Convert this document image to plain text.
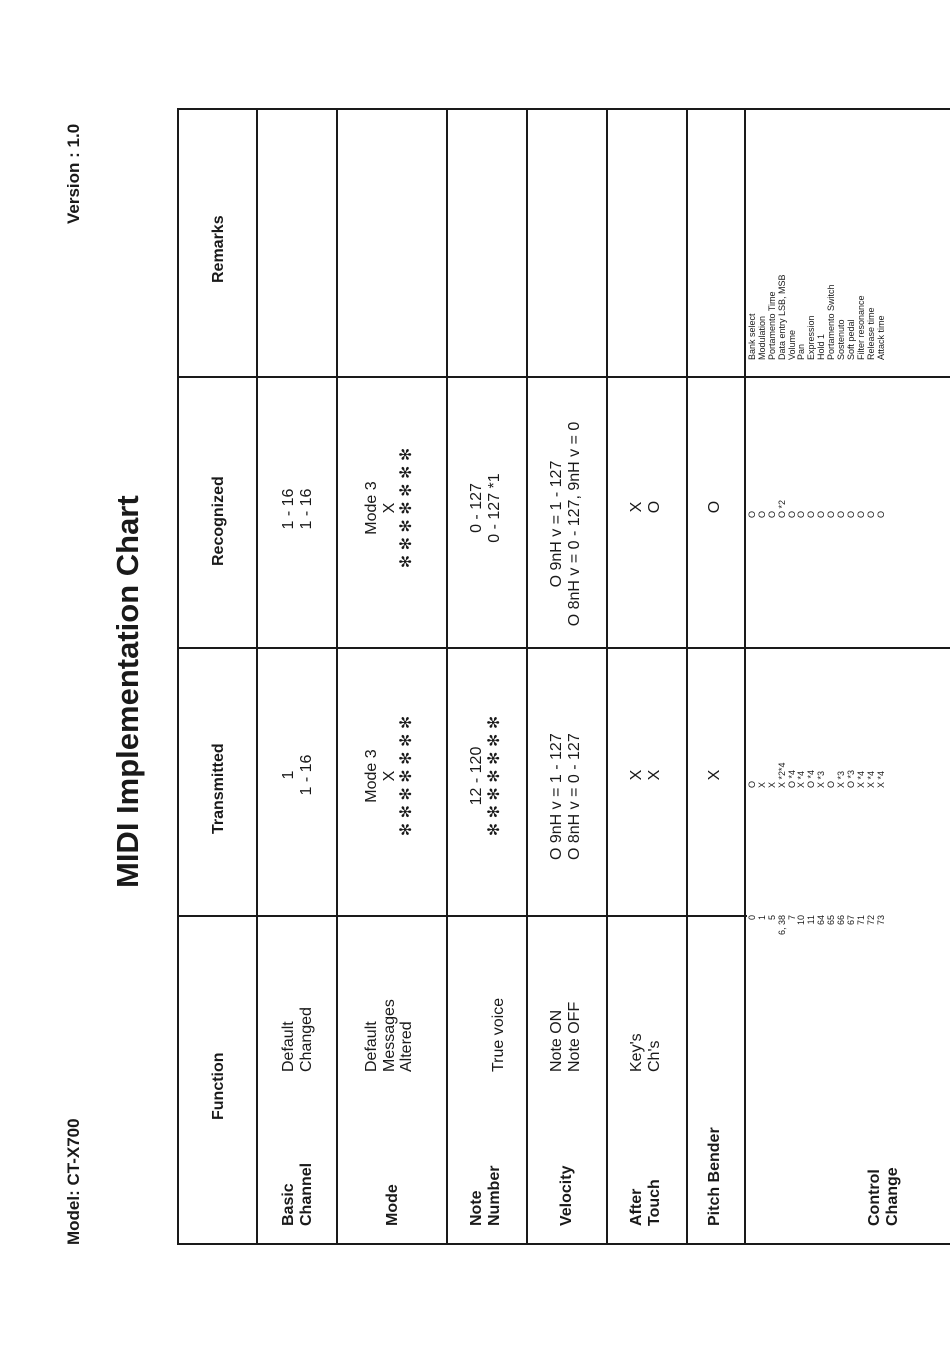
Model: CT-X700
MIDI Implementation Chart
Version : 1.0
Function
Transmitted
Recognized
Remarks
Basic Channel
Default Changed
1 1 - 16
1 - 16 1 - 16
Mode
Default Messages Altered
Mode 3 X ✻ ✻ ✻ ✻ ✻ ✻ ✻
Mode 3 X ✻ ✻ ✻ ✻ ✻ ✻ ✻
Note Number
True voice
12 - 120 ✻ ✻ ✻ ✻ ✻ ✻ ✻
0 - 127 0 - 127 *1
Velocity
Note ON Note OFF
O 9nH v = 1 - 127 O 8nH v = 0 - 127
O 9nH v = 1 - 127 O 8nH v = 0 - 127, 9nH v = 0
After Touch
Key's Ch's
X X
X O
Pitch Bender
X
O
Control Change
0 1 5 6, 38 7 10 11 64 65 66 67 71 72 73
O X X X *2*4 O *4 X *4 O *4 X *3 O X *3 O *3 X *4 X *4 X *4
O O O O *2 O O O O O O O O O O
Bank select Modulation Portamento Time Data entry LSB, MSB Volume Pan Expression Hold 1 Portamento Switch Sostenuto Soft pedal Filter resonance Release time Attack time
